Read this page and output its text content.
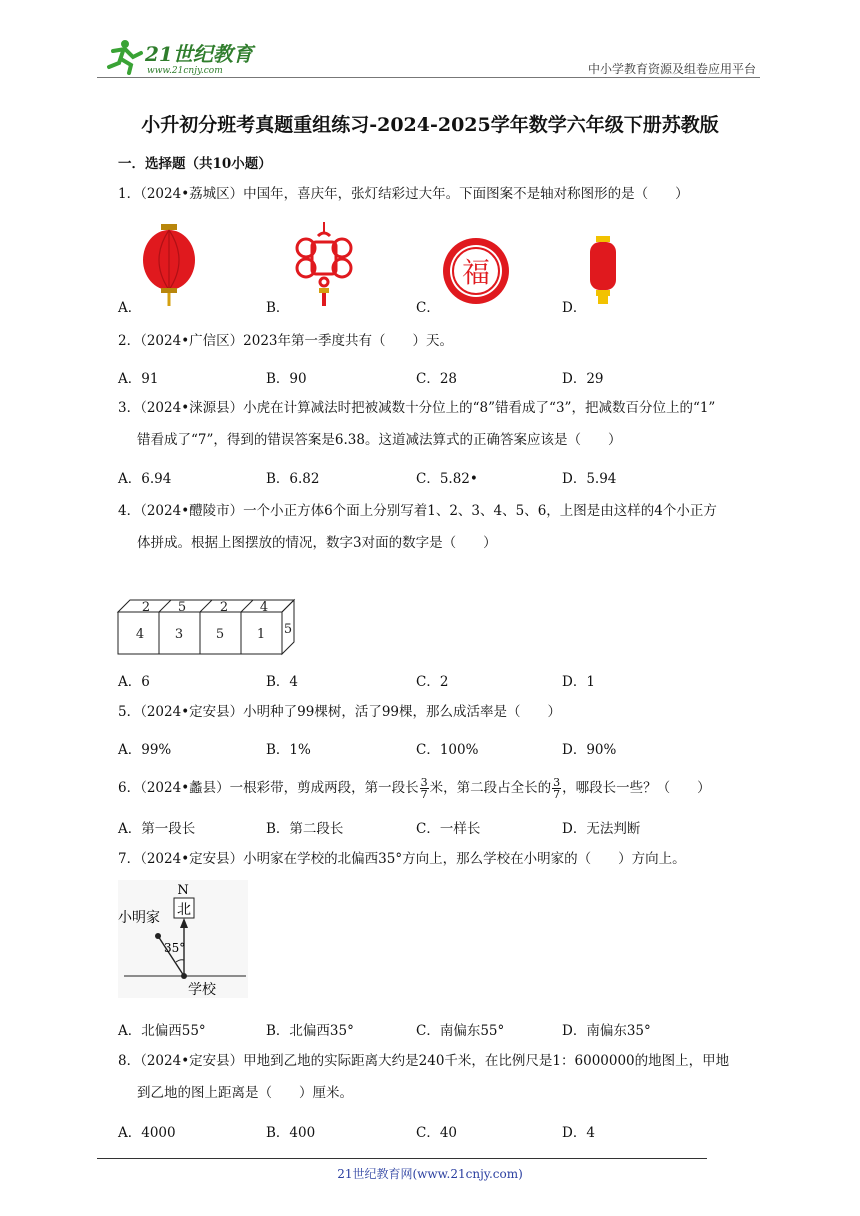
21世纪教育
www.21cnjy.com	中小学教育资源及组卷应用平台
小升初分班考真题重组练习-2024-2025学年数学六年级下册苏教版
一．选择题（共10小题）
1．（2024•荔城区）中国年，喜庆年，张灯结彩过大年。下面图案不是轴对称图形的是（　　）
福
A．	B．	C．	D．
2．（2024•广信区）2023年第一季度共有（　　）天。
A．91	B．90	C．28	D．29
3．（2024•涞源县）小虎在计算减法时把被减数十分位上的“8”错看成了“3”，把减数百分位上的“1”
错看成了“7”，得到的错误答案是6.38。这道减法算式的正确答案应该是（　　）
A．6.94	B．6.82	C．5.82•	D．5.94
4．（2024•醴陵市）一个小正方体6个面上分别写着1、2、3、4、5、6，上图是由这样的4个小正方
体拼成。根据上图摆放的情况，数字3对面的数字是（　　）
2 5	2 4
4 3	5	1 5
A．6	B．4	C．2	D．1
5．（2024•定安县）小明种了99棵树，活了99棵，那么成活率是（　　）
A．99%	B．1%	C．100%	D．90%
6．（2024•蠡县）一根彩带，剪成两段，第一段长 $\frac{3}{7}$ 米，第二段占全长的 $\frac{3}{7}$ ，哪段长一些？（　　）
A．第一段长	B．第二段长	C．一样长	D．无法判断
7．（2024•定安县）小明家在学校的北偏西35°方向上，那么学校在小明家的（　　）方向上。
N
北
小明家
35°
学校
A．北偏西55°	B．北偏西35°	C．南偏东55°	D．南偏东35°
8．（2024•定安县）甲地到乙地的实际距离大约是240千米，在比例尺是1：6000000的地图上，甲地
到乙地的图上距离是（　　）厘米。
A．4000	B．400	C．40	D．4
21世纪教育网(www.21cnjy.com)
